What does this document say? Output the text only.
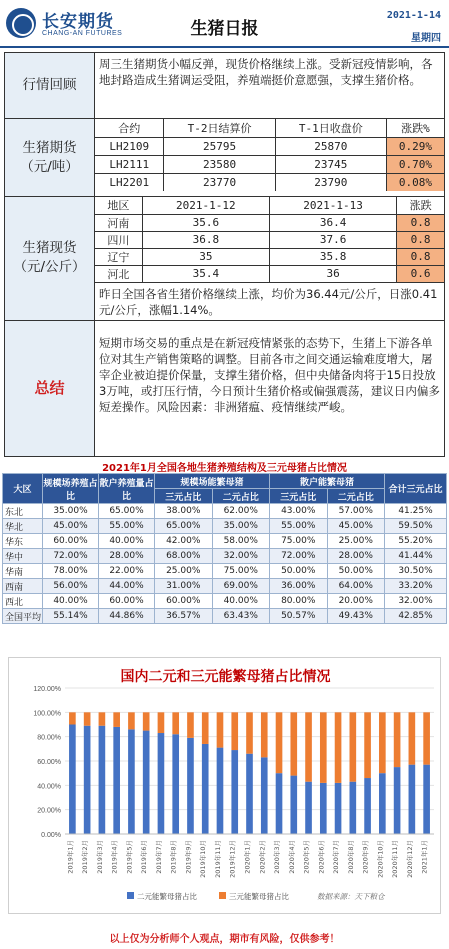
长安期货
CHANG-AN FUTURES	生猪日报
2021-1-14
星期四
行情回顾
周三生猪期货小幅反弹，现货价格继续上涨。受新冠疫情影响，各地封路造成生猪调运受阻，养殖端挺价意愿强，支撑生猪价格。
生猪期货（元/吨）
合约	T-2日结算价	T-1日收盘价	涨跌%
LH2109	25795	25870	0.29%
LH2111	23580	23745	0.70%
LH2201	23770	23790	0.08%
生猪现货（元/公斤）
地区	2021-1-12	2021-1-13	涨跌
河南	35.6	36.4	0.8
四川	36.8	37.6	0.8
辽宁	35	35.8	0.8
河北	35.4	36	0.6
昨日全国各省生猪价格继续上涨，均价为36.44元/公斤，日涨0.41元/公斤，涨幅1.14%。
总结
短期市场交易的重点是在新冠疫情紧张的态势下，生猪上下游各单位对其生产销售策略的调整。目前各市之间交通运输难度增大，屠宰企业被迫提价保量，支撑生猪价格，但中央储备肉将于15日投放3万吨，或打压行情，今日预计生猪价格或偏强震荡，建议日内偏多短差操作。风险因素：非洲猪瘟、疫情继续严峻。
2021年1月全国各地生猪养殖结构及三元母猪占比情况
大区	规模场养殖占比	散户养殖量占比	规模场能繁母猪		散户能繁母猪		合计三元占比
			三元占比	二元占比	三元占比	二元占比	
东北	35.00%	65.00%	38.00%	62.00%	43.00%	57.00%	41.25%
华北	45.00%	55.00%	65.00%	35.00%	55.00%	45.00%	59.50%
华东	60.00%	40.00%	42.00%	58.00%	75.00%	25.00%	55.20%
华中	72.00%	28.00%	68.00%	32.00%	72.00%	28.00%	41.44%
华南	78.00%	22.00%	25.00%	75.00%	50.00%	50.00%	30.50%
西南	56.00%	44.00%	31.00%	69.00%	36.00%	64.00%	33.20%
西北	40.00%	60.00%	60.00%	40.00%	80.00%	20.00%	32.00%
全国平均	55.14%	44.86%	36.57%	63.43%	50.57%	49.43%	42.85%
国内二元和三元能繁母猪占比情况
0.00%
20.00%
40.00%
60.00%
80.00%
100.00%
120.00%
2019年1月 2019年2月 2019年3月 2019年4月 2019年5月 2019年6月 2019年7月 2019年8月 2019年9月 2019年10月 2019年11月 2019年12月 2020年1月 2020年2月 2020年3月 2020年4月 2020年5月 2020年6月 2020年7月 2020年8月 2020年9月 2020年10月 2020年11月 2020年12月 2021年1月
二元能繁母猪占比	三元能繁母猪占比	数据来源：天下粮仓
以上仅为分析师个人观点，期市有风险，仅供参考！
